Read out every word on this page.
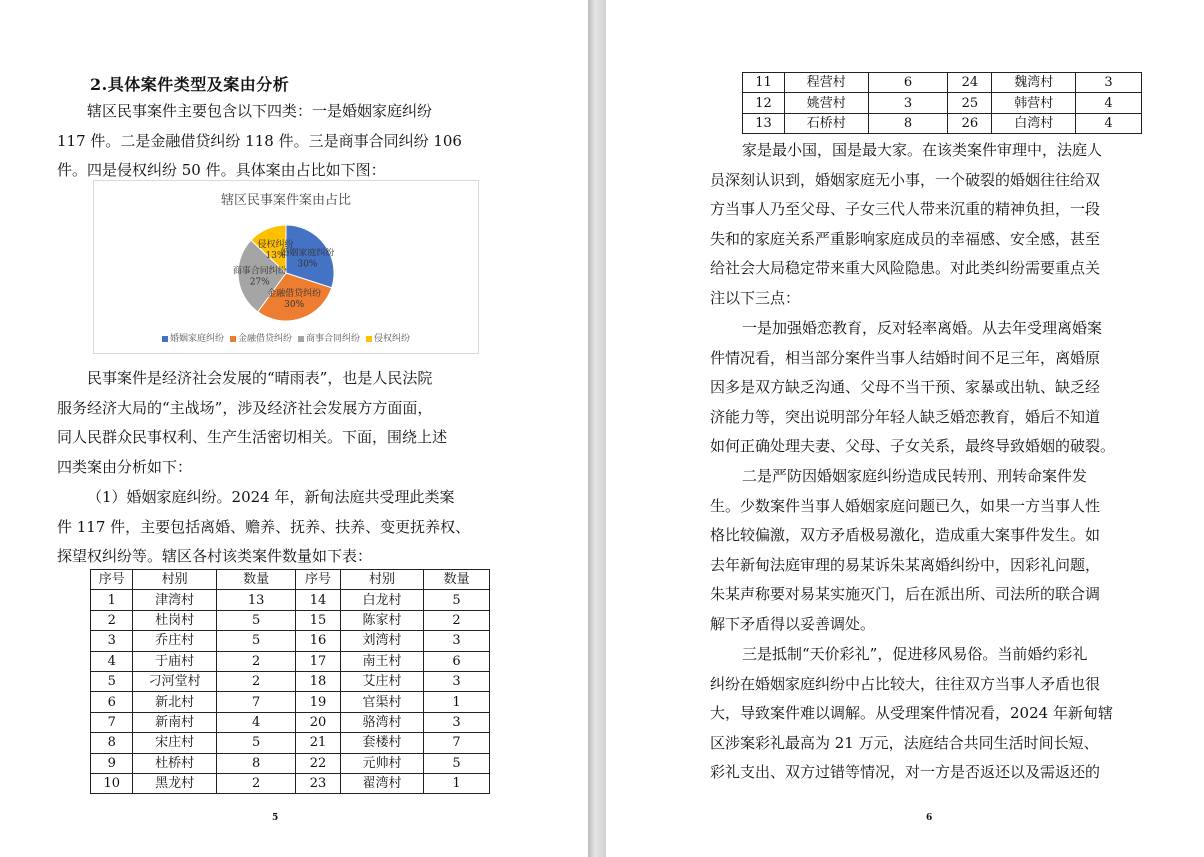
2.具体案件类型及案由分析
辖区民事案件主要包含以下四类：一是婚姻家庭纠纷
117 件。二是金融借贷纠纷 118 件。三是商事合同纠纷 106
件。四是侵权纠纷 50 件。具体案由占比如下图：
辖区民事案件案由占比
婚姻家庭纠纷
30%
金融借贷纠纷
30%
商事合同纠纷
27%
侵权纠纷
13%
婚姻家庭纠纷 金融借贷纠纷 商事合同纠纷 侵权纠纷
民事案件是经济社会发展的“晴雨表”，也是人民法院
服务经济大局的“主战场”，涉及经济社会发展方方面面，
同人民群众民事权利、生产生活密切相关。下面，围绕上述
四类案由分析如下：
（1）婚姻家庭纠纷。2024 年，新甸法庭共受理此类案
件 117 件，主要包括离婚、赡养、抚养、扶养、变更抚养权、
探望权纠纷等。辖区各村该类案件数量如下表：
序号	村别	数量	序号	村别	数量
1	津湾村	13	14	白龙村	5
2	杜岗村	5	15	陈家村	2
3	乔庄村	5	16	刘湾村	3
4	于庙村	2	17	南王村	6
5	刁河堂村	2	18	艾庄村	3
6	新北村	7	19	官渠村	1
7	新南村	4	20	骆湾村	3
8	宋庄村	5	21	套楼村	7
9	杜桥村	8	22	元帅村	5
10	黑龙村	2	23	翟湾村	1
5
11	程营村	6	24	魏湾村	3
12	姚营村	3	25	韩营村	4
13	石桥村	8	26	白湾村	4
家是最小国，国是最大家。在该类案件审理中，法庭人
员深刻认识到，婚姻家庭无小事，一个破裂的婚姻往往给双
方当事人乃至父母、子女三代人带来沉重的精神负担，一段
失和的家庭关系严重影响家庭成员的幸福感、安全感，甚至
给社会大局稳定带来重大风险隐患。对此类纠纷需要重点关
注以下三点：
一是加强婚恋教育，反对轻率离婚。从去年受理离婚案
件情况看，相当部分案件当事人结婚时间不足三年，离婚原
因多是双方缺乏沟通、父母不当干预、家暴或出轨、缺乏经
济能力等，突出说明部分年轻人缺乏婚恋教育，婚后不知道
如何正确处理夫妻、父母、子女关系，最终导致婚姻的破裂。
二是严防因婚姻家庭纠纷造成民转刑、刑转命案件发
生。少数案件当事人婚姻家庭问题已久，如果一方当事人性
格比较偏激，双方矛盾极易激化，造成重大案事件发生。如
去年新甸法庭审理的易某诉朱某离婚纠纷中，因彩礼问题，
朱某声称要对易某实施灭门，后在派出所、司法所的联合调
解下矛盾得以妥善调处。
三是抵制“天价彩礼”，促进移风易俗。当前婚约彩礼
纠纷在婚姻家庭纠纷中占比较大，往往双方当事人矛盾也很
大，导致案件难以调解。从受理案件情况看，2024 年新甸辖
区涉案彩礼最高为 21 万元，法庭结合共同生活时间长短、
彩礼支出、双方过错等情况，对一方是否返还以及需返还的
6
